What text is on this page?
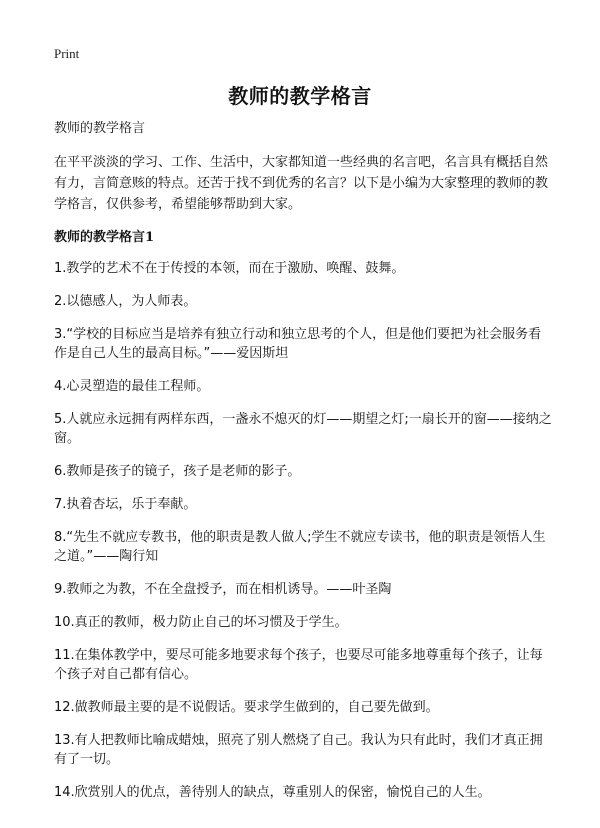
Print
教师的教学格言

教师的教学格言

在平平淡淡的学习、工作、生活中，大家都知道一些经典的名言吧，名言具有概括自然有力，言简意赅的特点。还苦于找不到优秀的名言？以下是小编为大家整理的教师的教学格言，仅供参考，希望能够帮助到大家。

教师的教学格言1
1.教学的艺术不在于传授的本领，而在于激励、唤醒、鼓舞。
2.以德感人，为人师表。
3.“学校的目标应当是培养有独立行动和独立思考的个人，但是他们要把为社会服务看作是自己人生的最高目标。”——爱因斯坦
4.心灵塑造的最佳工程师。
5.人就应永远拥有两样东西，一盏永不熄灭的灯——期望之灯;一扇长开的窗——接纳之窗。
6.教师是孩子的镜子，孩子是老师的影子。
7.执着杏坛，乐于奉献。
8.“先生不就应专教书，他的职责是教人做人;学生不就应专读书，他的职责是领悟人生之道。”——陶行知
9.教师之为教，不在全盘授予，而在相机诱导。——叶圣陶
10.真正的教师，极力防止自己的坏习惯及于学生。
11.在集体教学中，要尽可能多地要求每个孩子，也要尽可能多地尊重每个孩子，让每个孩子对自己都有信心。
12.做教师最主要的是不说假话。要求学生做到的，自己要先做到。
13.有人把教师比喻成蜡烛，照亮了别人燃烧了自己。我认为只有此时，我们才真正拥有了一切。
14.欣赏别人的优点，善待别人的缺点，尊重别人的保密，愉悦自己的人生。
